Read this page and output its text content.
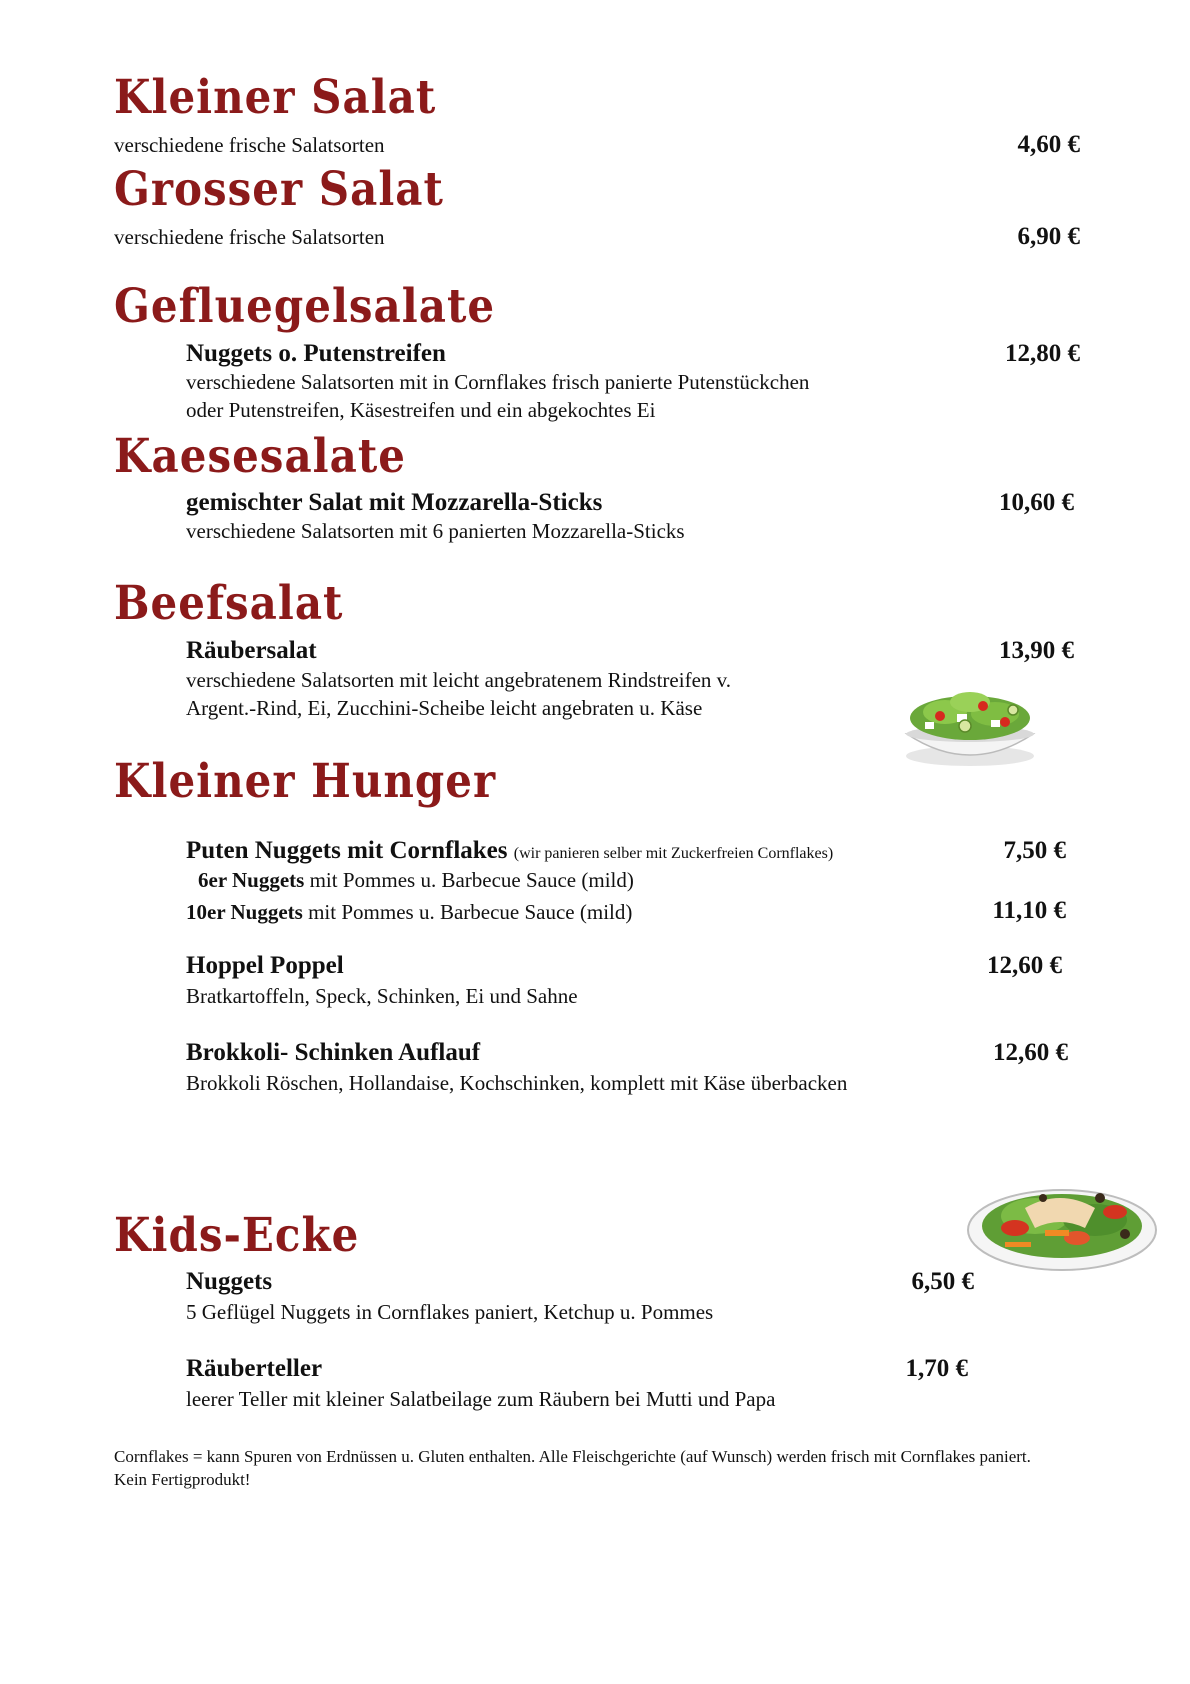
Kleiner Salat
verschiedene frische Salatsorten	4,60 €
Grosser Salat
verschiedene frische Salatsorten	6,90 €
Gefluegelsalate
Nuggets o. Putenstreifen	12,80 €
verschiedene Salatsorten mit in Cornflakes frisch panierte Putenstückchen
oder Putenstreifen, Käsestreifen und ein abgekochtes Ei
Kaesesalate
gemischter Salat mit Mozzarella-Sticks	10,60 €
verschiedene Salatsorten mit 6 panierten Mozzarella-Sticks
Beefsalat
Räubersalat	13,90 €
verschiedene Salatsorten mit leicht angebratenem Rindstreifen v.
Argent.-Rind, Ei, Zucchini-Scheibe leicht angebraten u. Käse
Kleiner Hunger
Puten Nuggets mit Cornflakes (wir panieren selber mit Zuckerfreien Cornflakes)	7,50 €
6er Nuggets mit Pommes u. Barbecue Sauce (mild)
10er Nuggets mit Pommes u. Barbecue Sauce (mild)	11,10 €
Hoppel Poppel	12,60 €
Bratkartoffeln, Speck, Schinken, Ei und Sahne
Brokkoli- Schinken Auflauf	12,60 €
Brokkoli Röschen, Hollandaise, Kochschinken, komplett mit Käse überbacken
Kids-Ecke
Nuggets	6,50 €
5 Geflügel Nuggets in Cornflakes paniert, Ketchup u. Pommes
Räuberteller	1,70 €
leerer Teller mit kleiner Salatbeilage zum Räubern bei Mutti und Papa
Cornflakes = kann Spuren von Erdnüssen u. Gluten enthalten. Alle Fleischgerichte (auf Wunsch) werden frisch mit Cornflakes paniert. Kein Fertigprodukt!
